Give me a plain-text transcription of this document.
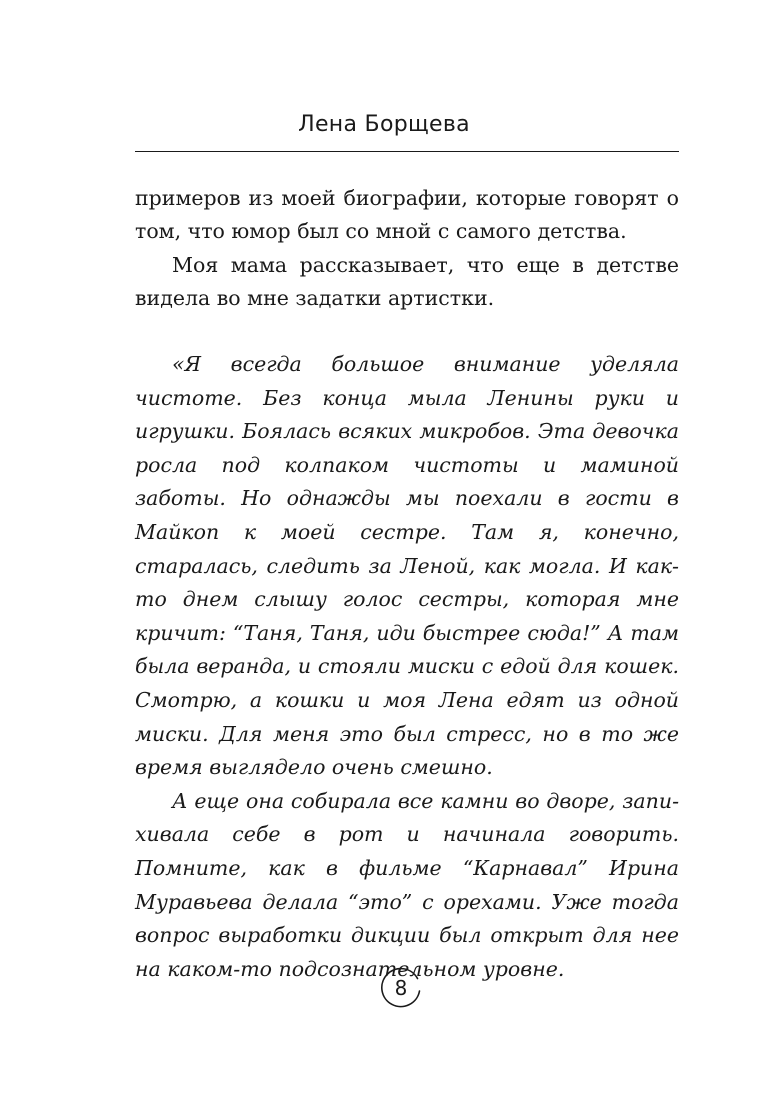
Лена Борщева

примеров из моей биографии, которые говорят о том, что юмор был со мной с самого детства.

Моя мама рассказывает, что еще в детстве видела во мне задатки артистки.

«Я всегда большое внимание уделяла чистоте. Без конца мыла Ленины руки и игрушки. Боялась всяких микробов. Эта девочка росла под колпаком чистоты и маминой заботы. Но однажды мы поехали в гости в Майкоп к моей сестре. Там я, конечно, старалась, следить за Леной, как могла. И как-то днем слышу голос сестры, которая мне кричит: “Таня, Таня, иди быстрее сюда!” А там была веранда, и стояли миски с едой для кошек. Смотрю, а кошки и моя Лена едят из одной миски. Для меня это был стресс, но в то же время выглядело очень смешно.

А еще она собирала все камни во дворе, запихивала себе в рот и начинала говорить. Помните, как в фильме “Карнавал” Ирина Муравьева делала “это” с орехами. Уже тогда вопрос выработки дикции был открыт для нее на каком-то подсознательном уровне.

8
